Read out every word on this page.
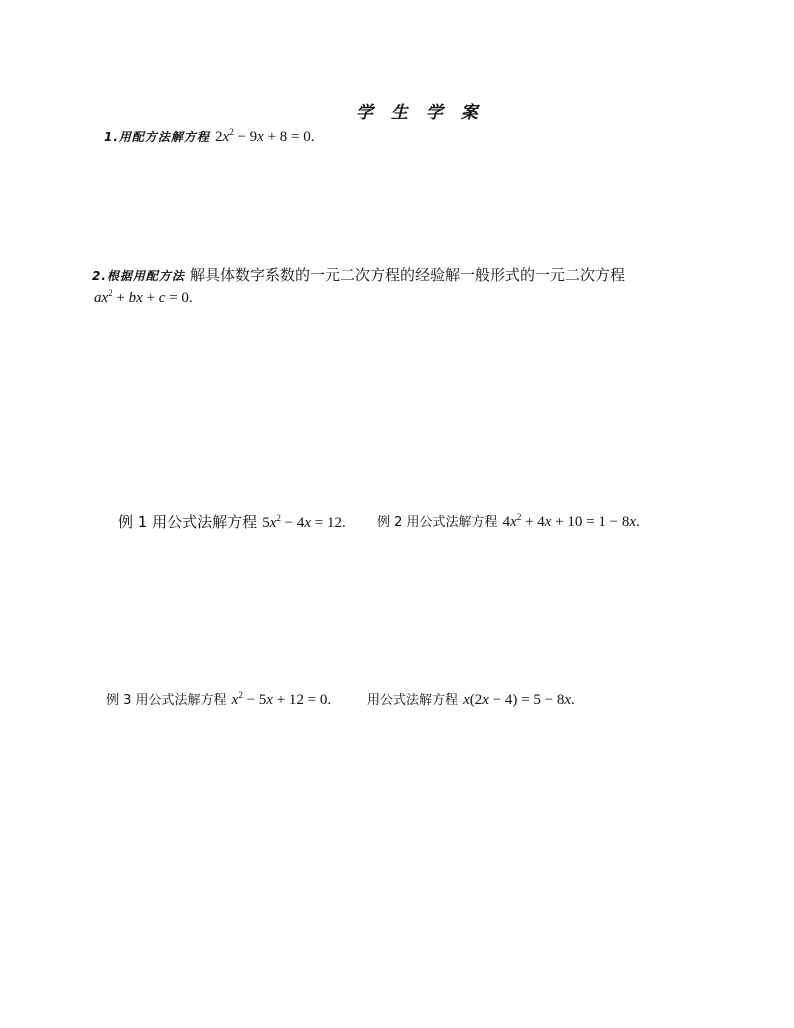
学 生 学 案
1.用配方法解方程 $2x^2 - 9x + 8 = 0$.
2.根据用配方法 解具体数字系数的一元二次方程的经验解一般形式的一元二次方程
$ax^2$ + bx + c = 0.
例 1 用公式法解方程 $5x^2 - 4x = 12$. 例 2 用公式法解方程 $4x^2 + 4x + 10 = 1 - 8x$.
例 3 用公式法解方程 $x^2 - 5x + 12 = 0$.	用公式法解方程 x(2x − 4) = 5 − 8x.
